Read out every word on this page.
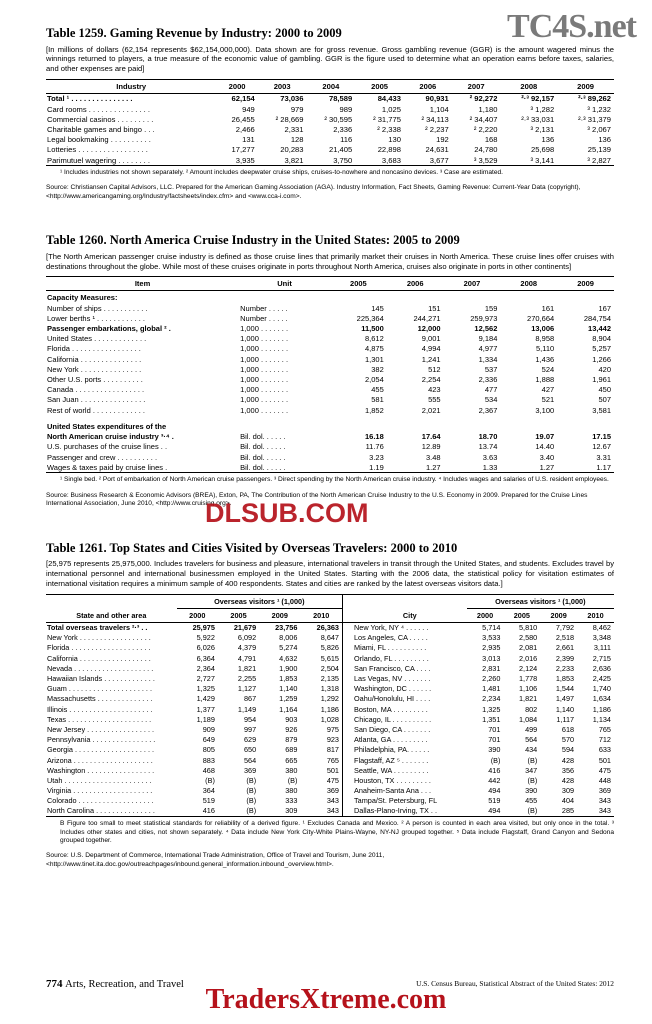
TC4S.net
Table 1259. Gaming Revenue by Industry: 2000 to 2009

[In millions of dollars (62,154 represents $62,154,000,000). Data shown are for gross revenue. Gross gambling revenue (GGR) is the amount wagered minus the winnings returned to players, a true measure of the economic value of gambling. GGR is the figure used to determine what an operation earns before taxes, salaries, and other expenses are paid]

Industry	2000	2003	2004	2005	2006	2007	2008	2009
Total ¹ . . . . . . . . . . . . . . .	62,154	73,036	78,589	84,433	90,931	² 92,272	²·³ 92,157	²·³ 89,262
Card rooms . . . . . . . . . . . . . . .	949	979	989	1,025	1,104	1,180	³ 1,282	³ 1,232
Commercial casinos . . . . . . . . .	26,455	² 28,669	² 30,595	² 31,775	² 34,113	² 34,407	²·³ 33,031	²·³ 31,379
Charitable games and bingo . . .	2,466	2,331	2,336	² 2,338	² 2,237	² 2,220	³ 2,131	³ 2,067
Legal bookmaking . . . . . . . . . .	131	128	116	130	192	168	136	136
Lotteries . . . . . . . . . . . . . . . . .	17,277	20,283	21,405	22,898	24,631	24,780	25,698	25,139
Parimutuel wagering . . . . . . . .	3,935	3,821	3,750	3,683	3,677	³ 3,529	³ 3,141	³ 2,827

¹ Includes industries not shown separately. ² Amount includes deepwater cruise ships, cruises-to-nowhere and noncasino devices. ³ Case are estimated.

Source: Christiansen Capital Advisors, LLC. Prepared for the American Gaming Association (AGA). Industry Information, Fact Sheets, Gaming Revenue: Current-Year Data (copyright), <http://www.americangaming.org/Industry/factsheets/index.cfm> and <www.cca-i.com>.

Table 1260. North America Cruise Industry in the United States: 2005 to 2009

[The North American passenger cruise industry is defined as those cruise lines that primarily market their cruises in North America. These cruise lines offer cruises with destinations throughout the globe. While most of these cruises originate in ports throughout North America, cruises also originate in ports in other continents]

Item	Unit	2005	2006	2007	2008	2009
Capacity Measures:						
Number of ships . . . . . . . . . . .	Number . . . . .	145	151	159	161	167
Lower berths ¹ . . . . . . . . . . . .	Number . . . . .	225,364	244,271	259,973	270,664	284,754
Passenger embarkations, global ² .	1,000 . . . . . . .	11,500	12,000	12,562	13,006	13,442
United States . . . . . . . . . . . . .	1,000 . . . . . . .	8,612	9,001	9,184	8,958	8,904
Florida . . . . . . . . . . . . . . . . .	1,000 . . . . . . .	4,875	4,994	4,977	5,110	5,257
California . . . . . . . . . . . . . . .	1,000 . . . . . . .	1,301	1,241	1,334	1,436	1,266
New York . . . . . . . . . . . . . . .	1,000 . . . . . . .	382	512	537	524	420
Other U.S. ports . . . . . . . . . .	1,000 . . . . . . .	2,054	2,254	2,336	1,888	1,961
Canada . . . . . . . . . . . . . . . . .	1,000 . . . . . . .	455	423	477	427	450
San Juan . . . . . . . . . . . . . . . .	1,000 . . . . . . .	581	555	534	521	507
Rest of world . . . . . . . . . . . . .	1,000 . . . . . . .	1,852	2,021	2,367	3,100	3,581

United States expenditures of the						
North American cruise industry ³·⁴ .	Bil. dol. . . . . .	16.18	17.64	18.70	19.07	17.15
U.S. purchases of the cruise lines . .	Bil. dol. . . . . .	11.76	12.89	13.74	14.40	12.67
Passenger and crew . . . . . . . . . .	Bil. dol. . . . . .	3.23	3.48	3.63	3.40	3.31
Wages & taxes paid by cruise lines .	Bil. dol. . . . . .	1.19	1.27	1.33	1.27	1.17

¹ Single bed. ² Port of embarkation of North American cruise passengers. ³ Direct spending by the North American cruise industry. ⁴ Includes wages and salaries of U.S. resident employees.

Source: Business Research & Economic Advisors (BREA), Exton, PA, The Contribution of the North American Cruise Industry to the U.S. Economy in 2009. Prepared for the Cruise Lines International Association, June 2010, <http://www.cruising.org>.

Table 1261. Top States and Cities Visited by Overseas Travelers: 2000 to 2010

[25,975 represents 25,975,000. Includes travelers for business and pleasure, international travelers in transit through the United States, and students. Excludes travel by international personnel and international businessmen employed in the United States. Starting with the 2006 data, the statistical policy for visitation estimates of international visitation requires a minimum sample of 400 respondents. States and cities are ranked by the latest overseas visitors data.]

State and other area	Overseas visitors ¹ (1,000)					City	Overseas visitors ¹ (1,000)			
	2000	2005	2009	2010			2000	2005	2009	2010
Total overseas travelers ²·³ . .	25,975	21,679	23,756	26,363		New York, NY ⁴ . . . . . .	5,714	5,810	7,792	8,462
New York . . . . . . . . . . . . . . . . . .	5,922	6,092	8,006	8,647		Los Angeles, CA . . . . .	3,533	2,580	2,518	3,348
Florida . . . . . . . . . . . . . . . . . . . .	6,026	4,379	5,274	5,826		Miami, FL . . . . . . . . . .	2,935	2,081	2,661	3,111
California . . . . . . . . . . . . . . . . . .	6,364	4,791	4,632	5,615		Orlando, FL . . . . . . . . .	3,013	2,016	2,399	2,715
Nevada . . . . . . . . . . . . . . . . . . . .	2,364	1,821	1,900	2,504		San Francisco, CA . . . .	2,831	2,124	2,233	2,636
Hawaiian Islands . . . . . . . . . . . . .	2,727	2,255	1,853	2,135		Las Vegas, NV . . . . . . .	2,260	1,778	1,853	2,425
Guam . . . . . . . . . . . . . . . . . . . . .	1,325	1,127	1,140	1,318		Washington, DC . . . . . .	1,481	1,106	1,544	1,740
Massachusetts . . . . . . . . . . . . . .	1,429	867	1,259	1,292		Oahu/Honolulu, HI . . . .	2,234	1,821	1,497	1,634
Illinois . . . . . . . . . . . . . . . . . . . . .	1,377	1,149	1,164	1,186		Boston, MA . . . . . . . . .	1,325	802	1,140	1,186
Texas . . . . . . . . . . . . . . . . . . . . .	1,189	954	903	1,028		Chicago, IL . . . . . . . . . .	1,351	1,084	1,117	1,134
New Jersey . . . . . . . . . . . . . . . . .	909	997	926	975		San Diego, CA . . . . . . .	701	499	618	765
Pennsylvania . . . . . . . . . . . . . . . .	649	629	879	923		Atlanta, GA . . . . . . . . .	701	564	570	712
Georgia . . . . . . . . . . . . . . . . . . . .	805	650	689	817		Philadelphia, PA. . . . . .	390	434	594	633
Arizona . . . . . . . . . . . . . . . . . . . .	883	564	665	765		Flagstaff, AZ ⁵ . . . . . . .	(B)	(B)	428	501
Washington . . . . . . . . . . . . . . . . .	468	369	380	501		Seattle, WA . . . . . . . . .	416	347	356	475
Utah . . . . . . . . . . . . . . . . . . . . . .	(B)	(B)	(B)	475		Houston, TX . . . . . . . . .	442	(B)	428	448
Virginia . . . . . . . . . . . . . . . . . . . .	364	(B)	380	369		Anaheim-Santa Ana . . .	494	390	309	369
Colorado . . . . . . . . . . . . . . . . . . .	519	(B)	333	343		Tampa/St. Petersburg, FL	519	455	404	343
North Carolina . . . . . . . . . . . . . . .	416	(B)	309	343		Dallas-Plano-Irving, TX . .	494	(B)	285	343

B Figure too small to meet statistical standards for reliability of a derived figure. ¹ Excludes Canada and Mexico. ² A person is counted in each area visited, but only once in the total. ³ Includes other states and cities, not shown separately. ⁴ Data include New York City-White Plains-Wayne, NY-NJ grouped together. ⁵ Data include Flagstaff, Grand Canyon and Sedona grouped together.

Source: U.S. Department of Commerce, International Trade Administration, Office of Travel and Tourism, June 2011, <http://www.tinet.ita.doc.gov/outreachpages/inbound.general_information.inbound_overview.html>.

774 Arts, Recreation, and Travel	U.S. Census Bureau, Statistical Abstract of the United States: 2012
DLSUB.COM
TradersXtreme.com
